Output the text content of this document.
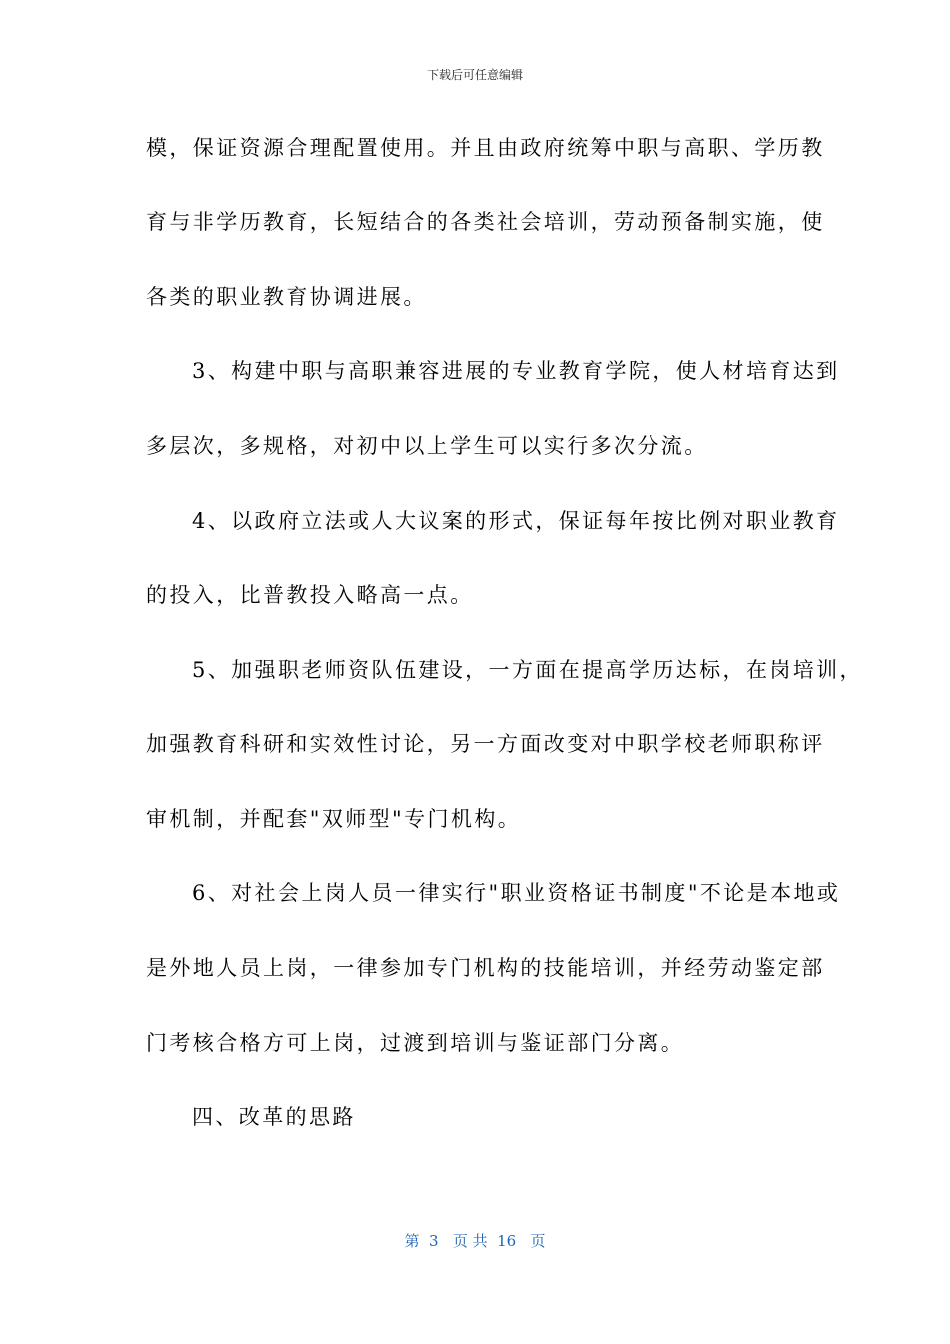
下载后可任意编辑
模，保证资源合理配置使用。并且由政府统筹中职与高职、学历教
育与非学历教育，长短结合的各类社会培训，劳动预备制实施，使
各类的职业教育协调进展。
3、构建中职与高职兼容进展的专业教育学院，使人材培育达到
多层次，多规格，对初中以上学生可以实行多次分流。
4、以政府立法或人大议案的形式，保证每年按比例对职业教育
的投入，比普教投入略高一点。
5、加强职老师资队伍建设，一方面在提高学历达标，在岗培训，
加强教育科研和实效性讨论，另一方面改变对中职学校老师职称评
审机制，并配套"双师型"专门机构。
6、对社会上岗人员一律实行"职业资格证书制度"不论是本地或
是外地人员上岗，一律参加专门机构的技能培训，并经劳动鉴定部
门考核合格方可上岗，过渡到培训与鉴证部门分离。
四、改革的思路
第  3   页 共  16   页
